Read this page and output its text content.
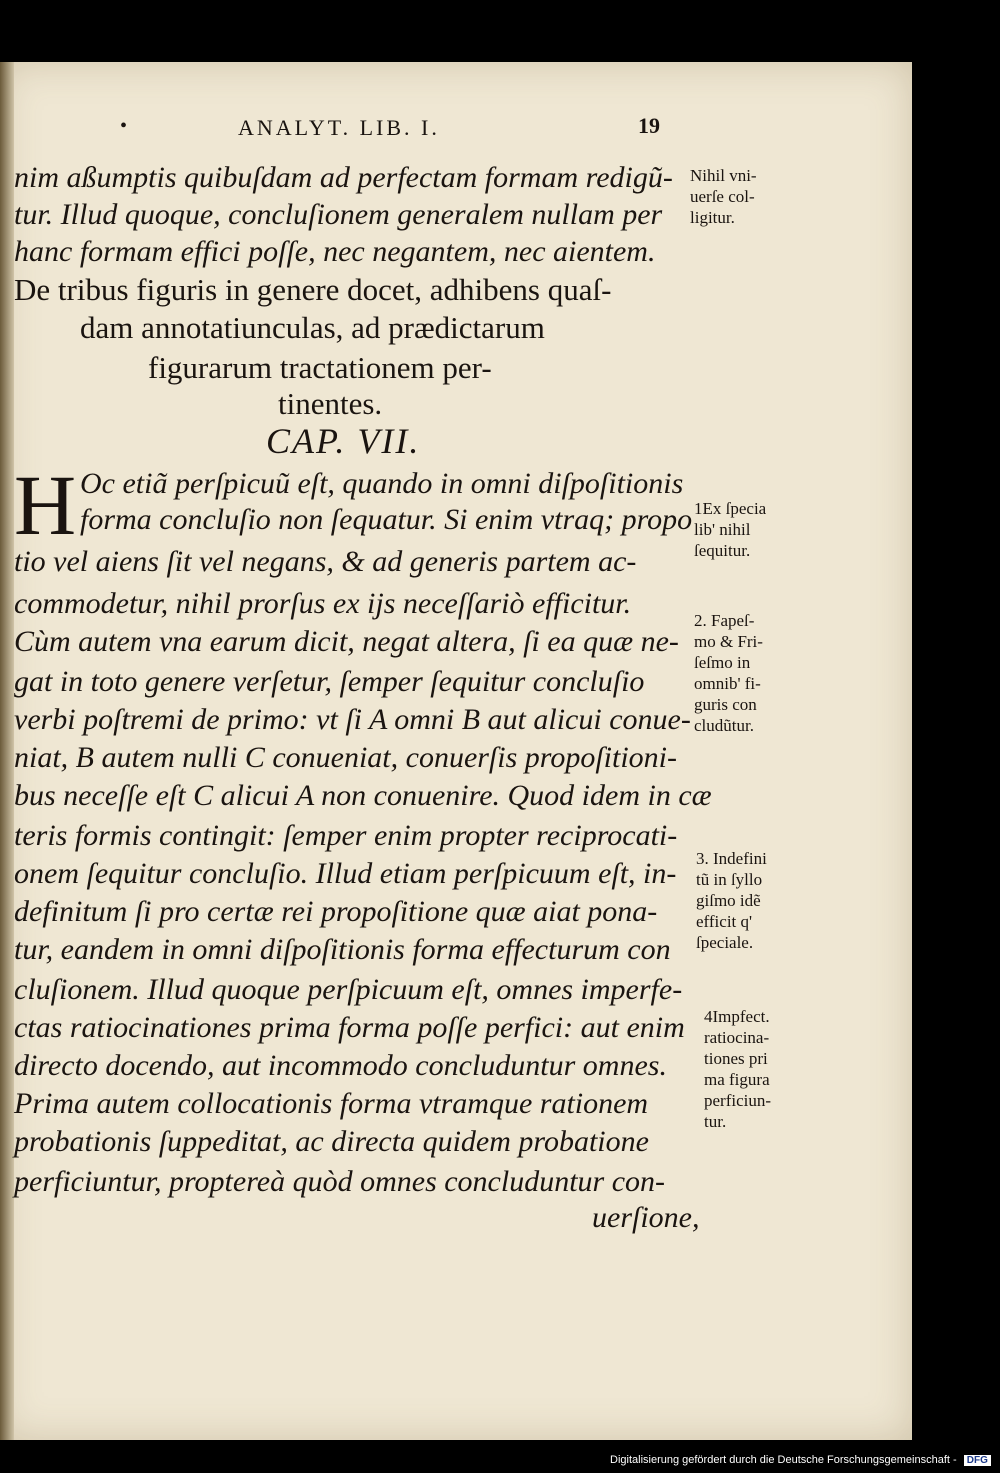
•	ANALYT. LIB. I.	19
nim aßumptis quibuſdam ad perfectam formam redigũ-
tur. Illud quoque, concluſionem generalem nullam per
hanc formam effici poſſe, nec negantem, nec aientem.
De tribus figuris in genere docet, adhibens quaſ-
dam annotatiunculas, ad prædictarum
figurarum tractationem per-
tinentes.
CAP. VII.
H Oc etiã perſpicuũ eſt, quando in omni diſpoſitionis
forma concluſio non ſequatur. Si enim vtraq; propo
tio vel aiens ſit vel negans, & ad generis partem ac-
commodetur, nihil prorſus ex ijs neceſſariò efficitur.
Cùm autem vna earum dicit, negat altera, ſi ea quæ ne-
gat in toto genere verſetur, ſemper ſequitur concluſio
verbi poſtremi de primo: vt ſi A omni B aut alicui conue-
niat, B autem nulli C conueniat, conuerſis propoſitioni-
bus neceſſe eſt C alicui A non conuenire. Quod idem in cæ
teris formis contingit: ſemper enim propter reciprocati-
onem ſequitur concluſio. Illud etiam perſpicuum eſt, in-
definitum ſi pro certæ rei propoſitione quæ aiat pona-
tur, eandem in omni diſpoſitionis forma effecturum con
cluſionem. Illud quoque perſpicuum eſt, omnes imperfe-
ctas ratiocinationes prima forma poſſe perfici: aut enim
directo docendo, aut incommodo concluduntur omnes.
Prima autem collocationis forma vtramque rationem
probationis ſuppeditat, ac directa quidem probatione
perficiuntur, proptereà quòd omnes concluduntur con-
uerſione,
Nihil vni-
uerſe col-
ligitur.
1Ex ſpecia
lib' nihil
ſequitur.
2. Fapeſ-
mo & Fri-
ſeſmo in
omnib' fi-
guris con
cludũtur.
3. Indefini
tũ in ſyllo
giſmo idẽ
efficit q'
ſpeciale.
4Impfect.
ratiocina-
tiones pri
ma figura
perficiun-
tur.
Digitalisierung gefördert durch die Deutsche Forschungsgemeinschaft - DFG
